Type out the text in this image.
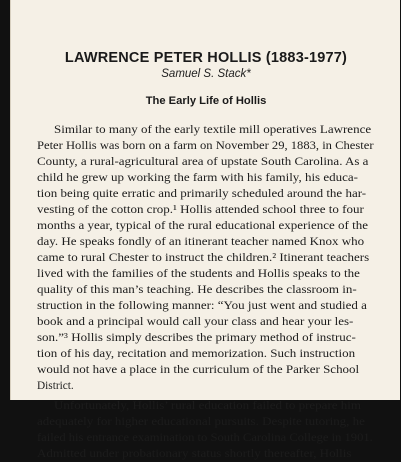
LAWRENCE PETER HOLLIS (1883-1977)
Samuel S. Stack*
The Early Life of Hollis
Similar to many of the early textile mill operatives Lawrence
Peter Hollis was born on a farm on November 29, 1883, in Chester
County, a rural-agricultural area of upstate South Carolina. As a
child he grew up working the farm with his family, his educa-
tion being quite erratic and primarily scheduled around the har-
vesting of the cotton crop.¹ Hollis attended school three to four
months a year, typical of the rural educational experience of the
day. He speaks fondly of an itinerant teacher named Knox who
came to rural Chester to instruct the children.² Itinerant teachers
lived with the families of the students and Hollis speaks to the
quality of this man’s teaching. He describes the classroom in-
struction in the following manner: “You just went and studied a
book and a principal would call your class and hear your les-
son.”³ Hollis simply describes the primary method of instruc-
tion of his day, recitation and memorization. Such instruction
would not have a place in the curriculum of the Parker School
District.
Unfortunately, Hollis’ rural education failed to prepare him
adequately for higher educational pursuits. Despite tutoring, he
failed his entrance examination to South Carolina College in 1901.
Admitted under probationary status shortly thereafter, Hollis
